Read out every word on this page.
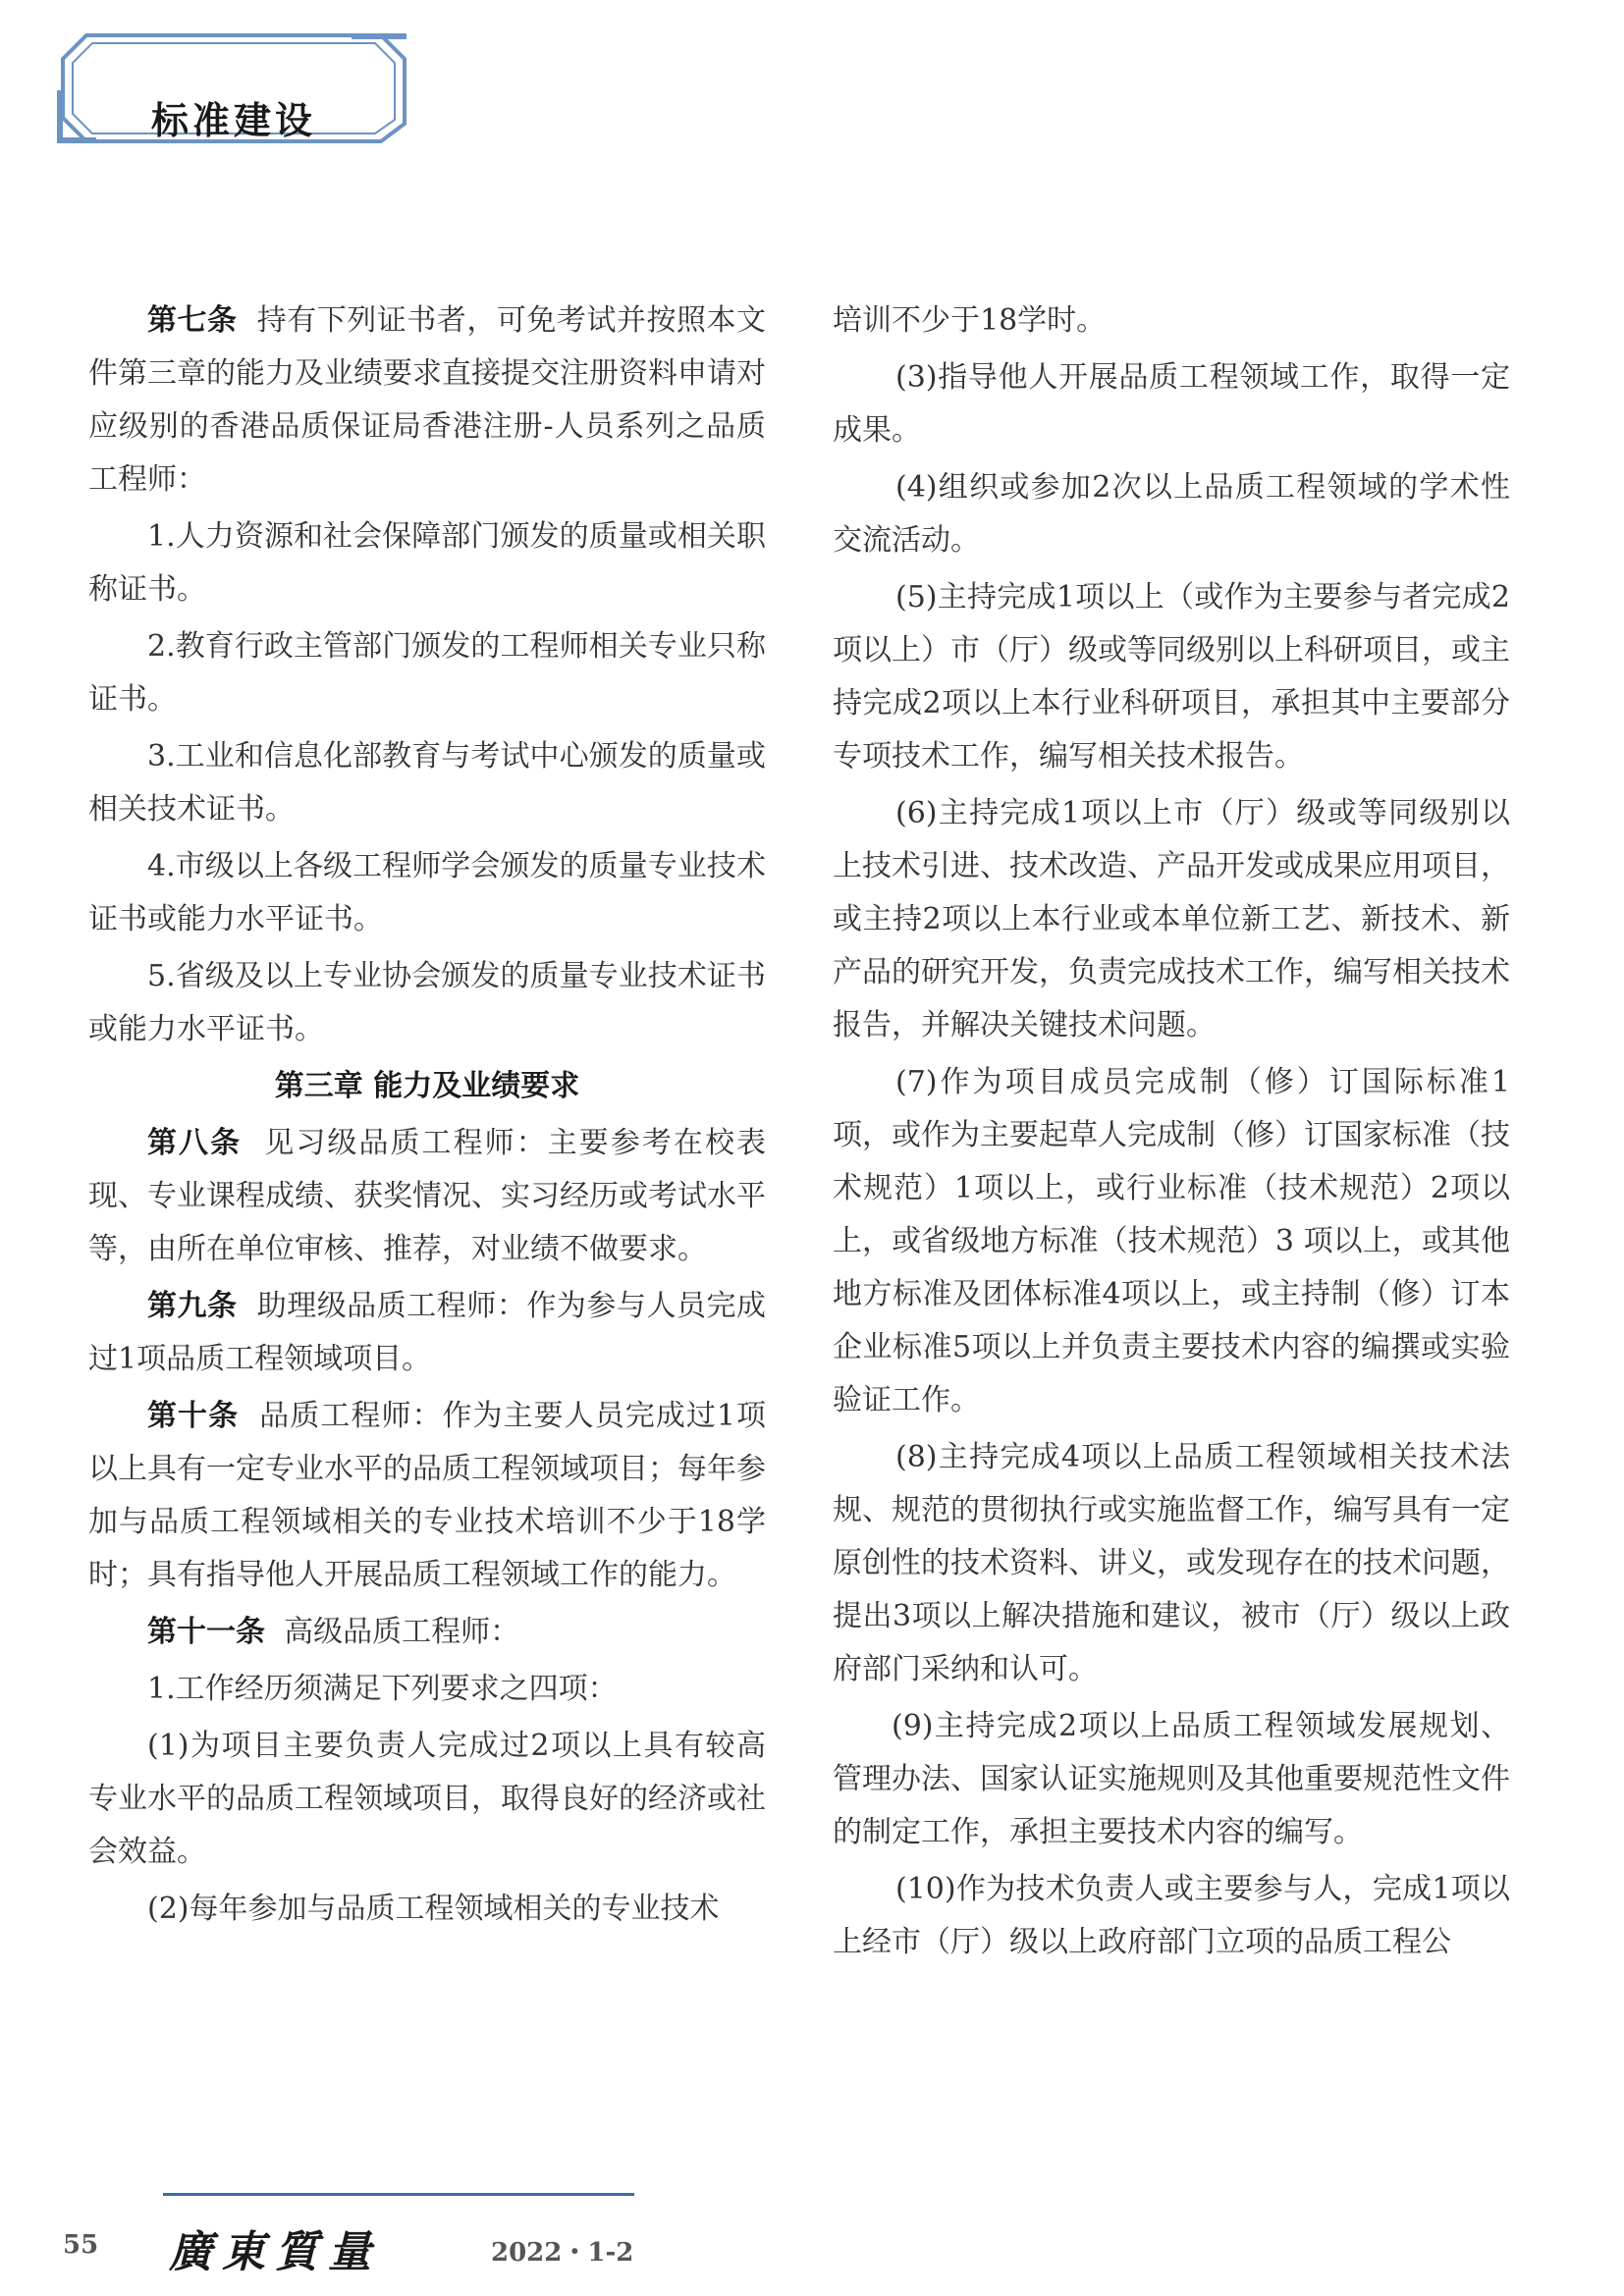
标准建设

第七条 持有下列证书者，可免考试并按照本文件第三章的能力及业绩要求直接提交注册资料申请对应级别的香港品质保证局香港注册-人员系列之品质工程师：

1.人力资源和社会保障部门颁发的质量或相关职称证书。

2.教育行政主管部门颁发的工程师相关专业只称证书。

3.工业和信息化部教育与考试中心颁发的质量或相关技术证书。

4.市级以上各级工程师学会颁发的质量专业技术证书或能力水平证书。

5.省级及以上专业协会颁发的质量专业技术证书或能力水平证书。

第三章 能力及业绩要求

第八条 见习级品质工程师：主要参考在校表现、专业课程成绩、获奖情况、实习经历或考试水平等，由所在单位审核、推荐，对业绩不做要求。

第九条 助理级品质工程师：作为参与人员完成过1项品质工程领域项目。

第十条 品质工程师：作为主要人员完成过1项以上具有一定专业水平的品质工程领域项目；每年参加与品质工程领域相关的专业技术培训不少于18学时；具有指导他人开展品质工程领域工作的能力。

第十一条 高级品质工程师：

1.工作经历须满足下列要求之四项：

(1)为项目主要负责人完成过2项以上具有较高专业水平的品质工程领域项目，取得良好的经济或社会效益。

(2)每年参加与品质工程领域相关的专业技术

培训不少于18学时。

(3)指导他人开展品质工程领域工作，取得一定成果。

(4)组织或参加2次以上品质工程领域的学术性交流活动。

(5)主持完成1项以上（或作为主要参与者完成2项以上）市（厅）级或等同级别以上科研项目，或主持完成2项以上本行业科研项目，承担其中主要部分专项技术工作，编写相关技术报告。

(6)主持完成1项以上市（厅）级或等同级别以上技术引进、技术改造、产品开发或成果应用项目，或主持2项以上本行业或本单位新工艺、新技术、新产品的研究开发，负责完成技术工作，编写相关技术报告，并解决关键技术问题。

(7)作为项目成员完成制（修）订国际标准1项，或作为主要起草人完成制（修）订国家标准（技术规范）1项以上，或行业标准（技术规范）2项以上，或省级地方标准（技术规范）3 项以上，或其他地方标准及团体标准4项以上，或主持制（修）订本企业标准5项以上并负责主要技术内容的编撰或实验验证工作。

(8)主持完成4项以上品质工程领域相关技术法规、规范的贯彻执行或实施监督工作，编写具有一定原创性的技术资料、讲义，或发现存在的技术问题，提出3项以上解决措施和建议，被市（厅）级以上政府部门采纳和认可。

(9)主持完成2项以上品质工程领域发展规划、管理办法、国家认证实施规则及其他重要规范性文件的制定工作，承担主要技术内容的编写。

(10)作为技术负责人或主要参与人，完成1项以上经市（厅）级以上政府部门立项的品质工程公

55 廣東質量	2022・1-2
